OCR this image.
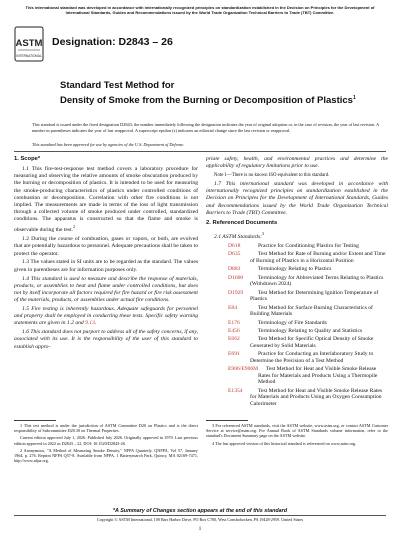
This international standard was developed in accordance with internationally recognized principles on standardization established in the Decision on Principles for the Development of International Standards, Guides and Recommendations issued by the World Trade Organization Technical Barriers to Trade (TBT) Committee.
ASTM
INTERNATIONAL
Designation: D2843 – 26
Standard Test Method for
Density of Smoke from the Burning or Decomposition of Plastics$^1$
This standard is issued under the fixed designation D2843; the number immediately following the designation indicates the year of original adoption or, in the case of revision, the year of last revision. A number in parentheses indicates the year of last reapproval. A superscript epsilon (ε) indicates an editorial change since the last revision or reapproval.
This standard has been approved for use by agencies of the U.S. Department of Defense.

1. Scope*

1.1 This fire-test-response test method covers a laboratory procedure for measuring and observing the relative amounts of smoke obscuration produced by the burning or decomposition of plastics. It is intended to be used for measuring the smoke-producing characteristics of plastics under controlled conditions of combustion or decomposition. Correlation with other fire conditions is not implied. The measurements are made in terms of the loss of light transmission through a collected volume of smoke produced under controlled, standardized conditions. The apparatus is constructed so that the flame and smoke is observable during the test.$^2$

1.2 During the course of combustion, gases or vapors, or both, are evolved that are potentially hazardous to personnel. Adequate precautions shall be taken to protect the operator.

1.3 The values stated in SI units are to be regarded as the standard. The values given in parentheses are for information purposes only.

1.4 This standard is used to measure and describe the response of materials, products, or assemblies to heat and flame under controlled conditions, but does not by itself incorporate all factors required for fire hazard or fire risk assessment of the materials, products, or assemblies under actual fire conditions.

1.5 Fire testing is inherently hazardous. Adequate safeguards for personnel and property shall be employed in conducting these tests. Specific safety warning statements are given in 1.2 and 9.13.

1.6 This standard does not purport to address all of the safety concerns, if any, associated with its use. It is the responsibility of the user of this standard to establish appro-

priate safety, health, and environmental practices and determine the applicability of regulatory limitations prior to use.

Note 1—There is no known ISO equivalent to this standard.

1.7 This international standard was developed in accordance with internationally recognized principles on standardization established in the Decision on Principles for the Development of International Standards, Guides and Recommendations issued by the World Trade Organization Technical Barriers to Trade (TBT) Committee.

2. Referenced Documents

2.1 ASTM Standards:$^3$

D618	Practice for Conditioning Plastics for Testing

D635	Test Method for Rate of Burning and/or Extent and Time of Burning of Plastics in a Horizontal Position

D883	Terminology Relating to Plastics

D1600	Terminology for Abbreviated Terms Relating to Plastics (Withdrawn 2024)

D1929	Test Method for Determining Ignition Temperature of Plastics

E84	Test Method for Surface Burning Characteristics of Building Materials

E176	Terminology of Fire Standards

E456	Terminology Relating to Quality and Statistics

E662	Test Method for Specific Optical Density of Smoke Generated by Solid Materials

E691	Practice for Conducting an Interlaboratory Study to Determine the Precision of a Test Method

E906/E906M Test Method for Heat and Visible Smoke Release Rates for Materials and Products Using a Thermopile Method

E1354	Test Method for Heat and Visible Smoke Release Rates for Materials and Products Using an Oxygen Consumption Calorimeter

1 This test method is under the jurisdiction of ASTM Committee D20 on Plastics and is the direct responsibility of Subcommittee D20.30 on Thermal Properties.

Current edition approved July 1, 2026. Published July 2026. Originally approved in 1970. Last previous edition approved in 2022 as D2843 – 22. DOI: 10.1520/D2843-26.

2 Anonymous, "A Method of Measuring Smoke Density," NFPA Quarterly, QNFPA, Vol 57, January 1964, p. 276. Reprint NFPA Q57-8. Available from NFPA, 1 Batterymarch Park, Quincy, MA 02169-7471, http://www.nfpa.org.

3 For referenced ASTM standards, visit the ASTM website, www.astm.org, or contact ASTM Customer Service at service@astm.org. For Annual Book of ASTM Standards volume information, refer to the standard's Document Summary page on the ASTM website.

4 The last approved version of this historical standard is referenced on www.astm.org.

*A Summary of Changes section appears at the end of this standard
Copyright © ASTM International, 100 Barr Harbor Drive, PO Box C700, West Conshohocken, PA 19428-2959. United States
1
